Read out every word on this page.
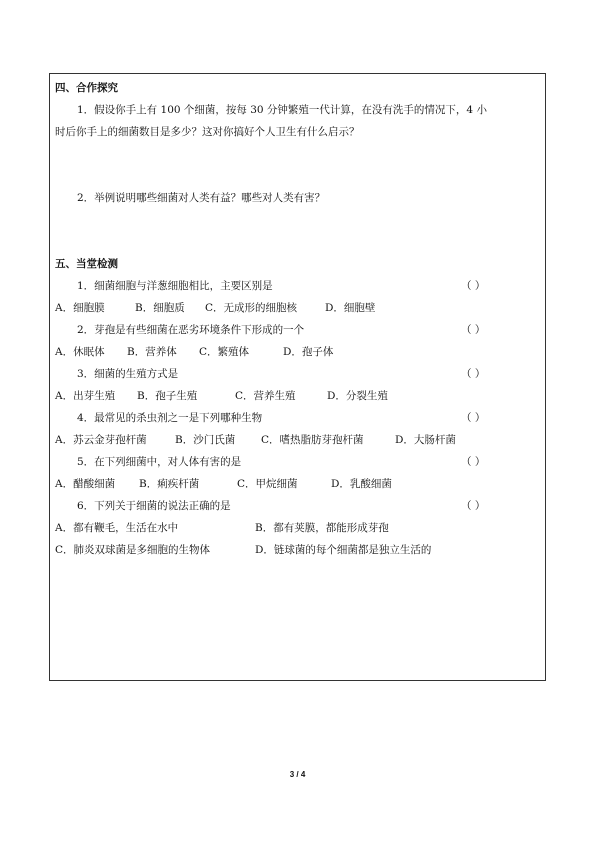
四、合作探究
1．假设你手上有 100 个细菌，按每 30 分钟繁殖一代计算，在没有洗手的情况下，4 小
时后你手上的细菌数目是多少？这对你搞好个人卫生有什么启示？
2．举例说明哪些细菌对人类有益？哪些对人类有害？
五、当堂检测
1．细菌细胞与洋葱细胞相比，主要区别是	（ ）
A．细胞膜	B．细胞质 C．无成形的细胞核	D．细胞壁
2．芽孢是有些细菌在恶劣环境条件下形成的一个	（ ）
A．休眠体 B．营养体 C．繁殖体	D．孢子体
3．细菌的生殖方式是	（ ）
A．出芽生殖 B．孢子生殖	C．营养生殖	D．分裂生殖
4．最常见的杀虫剂之一是下列哪种生物	（ ）
A．苏云金芽孢杆菌	B．沙门氏菌 C．嗜热脂肪芽孢杆菌	D．大肠杆菌
5．在下列细菌中，对人体有害的是	（ ）
A．醋酸细菌 B．痢疾杆菌	C．甲烷细菌	D．乳酸细菌
6．下列关于细菌的说法正确的是	（ ）
A．都有鞭毛，生活在水中	B．都有荚膜，都能形成芽孢
C．肺炎双球菌是多细胞的生物体	D．链球菌的每个细菌都是独立生活的
3 / 4
